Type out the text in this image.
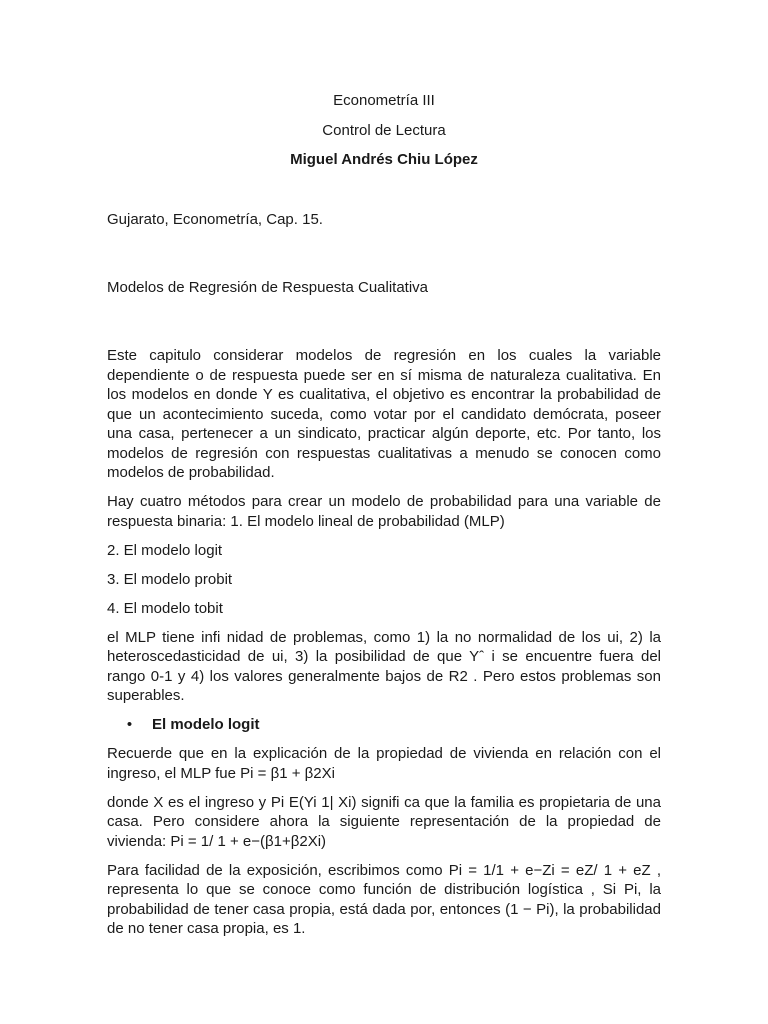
Econometría III
Control de Lectura
Miguel Andrés Chiu López

Gujarato, Econometría, Cap. 15.

Modelos de Regresión de Respuesta Cualitativa

Este capitulo considerar modelos de regresión en los cuales la variable dependiente o de respuesta puede ser en sí misma de naturaleza cualitativa. En los modelos en donde Y es cualitativa, el objetivo es encontrar la probabilidad de que un acontecimiento suceda, como votar por el candidato demócrata, poseer una casa, pertenecer a un sindicato, practicar algún deporte, etc. Por tanto, los modelos de regresión con respuestas cualitativas a menudo se conocen como modelos de probabilidad.

Hay cuatro métodos para crear un modelo de probabilidad para una variable de respuesta binaria: 1. El modelo lineal de probabilidad (MLP)

2. El modelo logit

3. El modelo probit

4. El modelo tobit

el MLP tiene infi nidad de problemas, como 1) la no normalidad de los ui, 2) la heteroscedasticidad de ui, 3) la posibilidad de que Yˆ i se encuentre fuera del rango 0-1 y 4) los valores generalmente bajos de R2 . Pero estos problemas son superables.

•	El modelo logit

Recuerde que en la explicación de la propiedad de vivienda en relación con el ingreso, el MLP fue Pi = β1 + β2Xi

donde X es el ingreso y Pi E(Yi 1| Xi) signifi ca que la familia es propietaria de una casa. Pero considere ahora la siguiente representación de la propiedad de vivienda: Pi = 1/ 1 + e−(β1+β2Xi)

Para facilidad de la exposición, escribimos como Pi = 1/1 + e−Zi = eZ/ 1 + eZ , representa lo que se conoce como función de distribución logística , Si Pi, la probabilidad de tener casa propia, está dada por, entonces (1 − Pi), la probabilidad de no tener casa propia, es 1.
